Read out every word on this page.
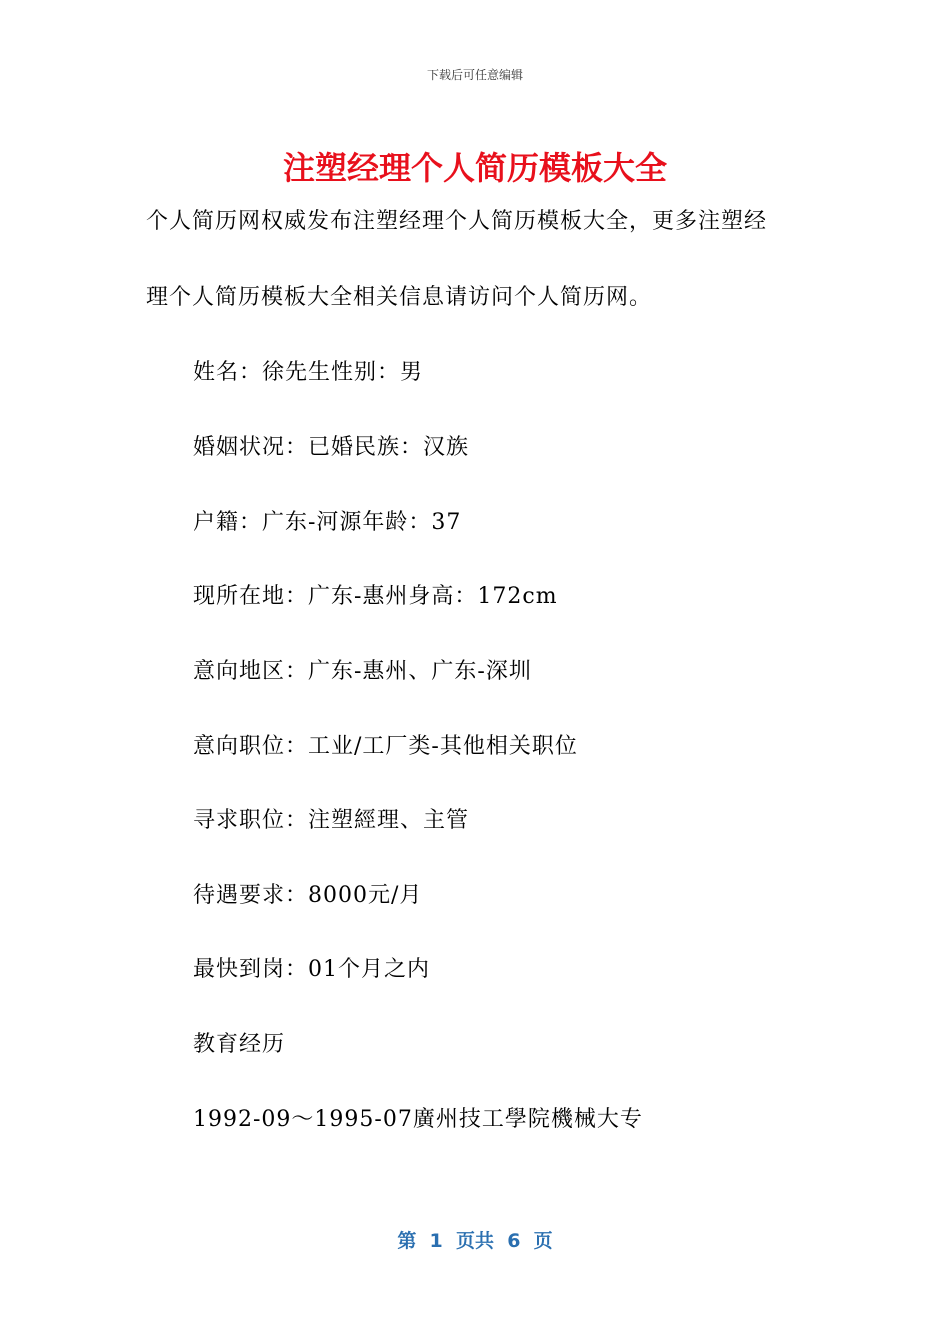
下载后可任意编辑
注塑经理个人简历模板大全
个人简历网权威发布注塑经理个人简历模板大全，更多注塑经
理个人简历模板大全相关信息请访问个人简历网。
姓名：徐先生性别：男
婚姻状况：已婚民族：汉族
户籍：广东-河源年龄：37
现所在地：广东-惠州身高：172cm
意向地区：广东-惠州、广东-深圳
意向职位：工业/工厂类-其他相关职位
寻求职位：注塑經理、主管
待遇要求：8000元/月
最快到岗：01个月之内
教育经历
1992-09～1995-07廣州技工學院機械大专
第  1  页共  6  页
